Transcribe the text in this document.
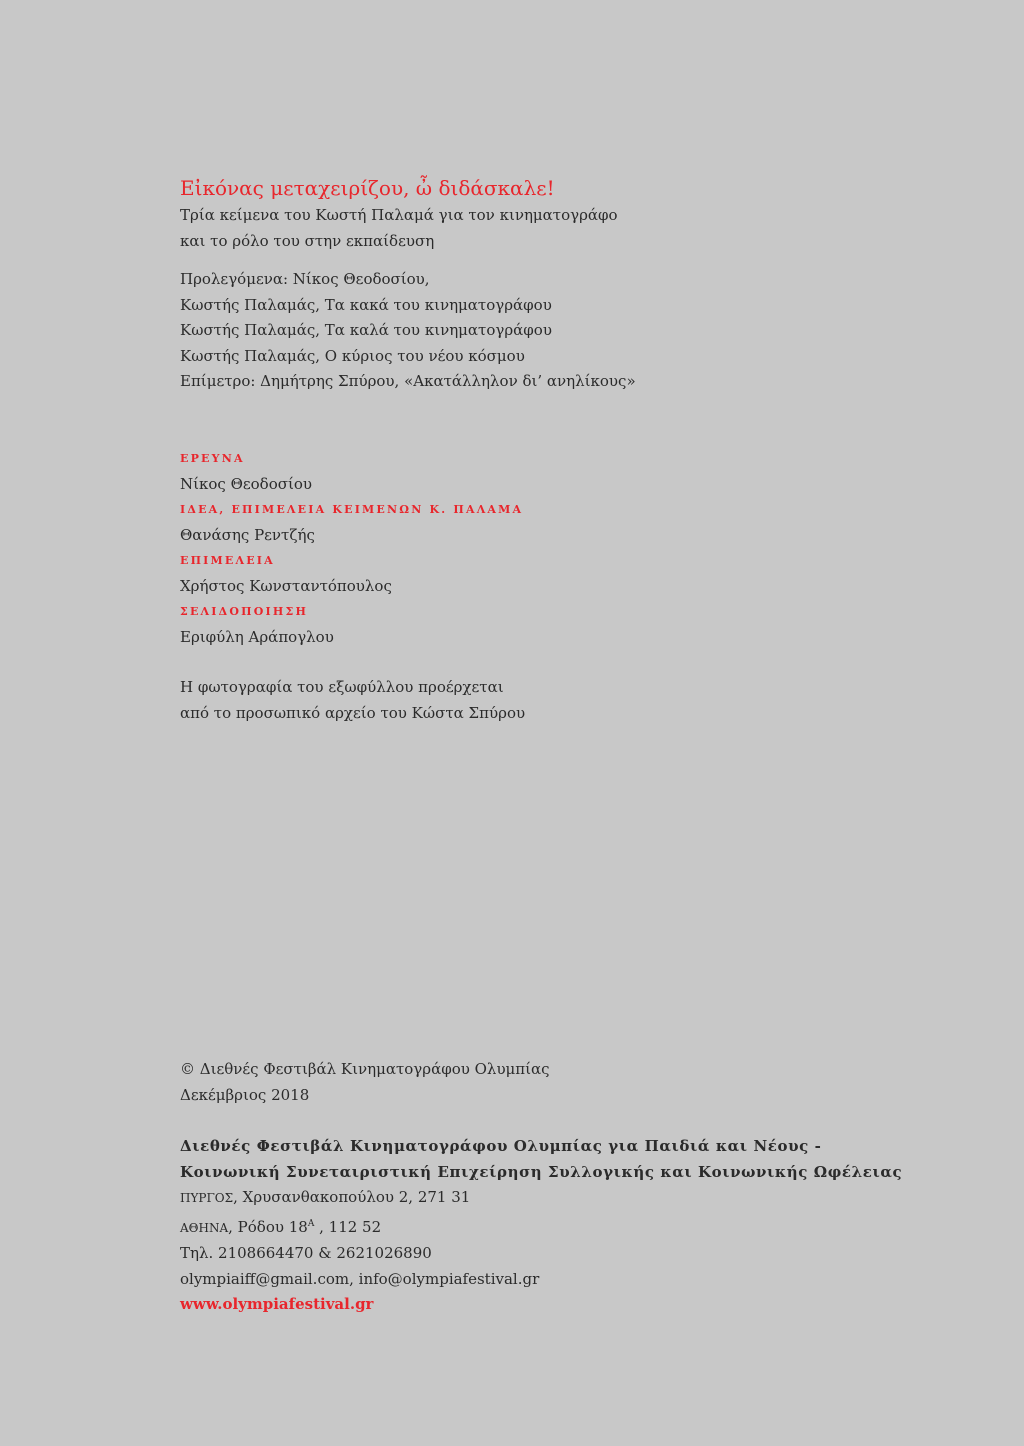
Εἰκόνας μεταχειρίζου, ὦ διδάσκαλε!
Τρία κείμενα του Κωστή Παλαμά για τον κινηματογράφο
και το ρόλο του στην εκπαίδευση
Προλεγόμενα: Νίκος Θεοδοσίου,
Κωστής Παλαμάς, Τα κακά του κινηματογράφου
Κωστής Παλαμάς, Τα καλά του κινηματογράφου
Κωστής Παλαμάς, Ο κύριος του νέου κόσμου
Επίμετρο: Δημήτρης Σπύρου, «Ακατάλληλον δι’ ανηλίκους»
ΕΡΕΥΝΑ
Νίκος Θεοδοσίου
ΙΔΕΑ, ΕΠΙΜΕΛΕΙΑ ΚΕΙΜΕΝΩΝ Κ. ΠΑΛΑΜΑ
Θανάσης Ρεντζής
ΕΠΙΜΕΛΕΙΑ
Χρήστος Κωνσταντόπουλος
ΣΕΛΙΔΟΠΟΙΗΣΗ
Εριφύλη Αράπογλου
Η φωτογραφία του εξωφύλλου προέρχεται
από το προσωπικό αρχείο του Κώστα Σπύρου
© Διεθνές Φεστιβάλ Κινηματογράφου Ολυμπίας
Δεκέμβριος 2018
Διεθνές Φεστιβάλ Κινηματογράφου Ολυμπίας για Παιδιά και Νέους -
Κοινωνική Συνεταιριστική Επιχείρηση Συλλογικής και Κοινωνικής Ωφέλειας
ΠΥΡΓΟΣ, Χρυσανθακοπούλου 2, 271 31
ΑΘΗΝΑ, Ρόδου $18^A$ , 112 52
Τηλ. 2108664470 & 2621026890
olympiaiff@gmail.com, info@olympiafestival.gr
www.olympiafestival.gr
